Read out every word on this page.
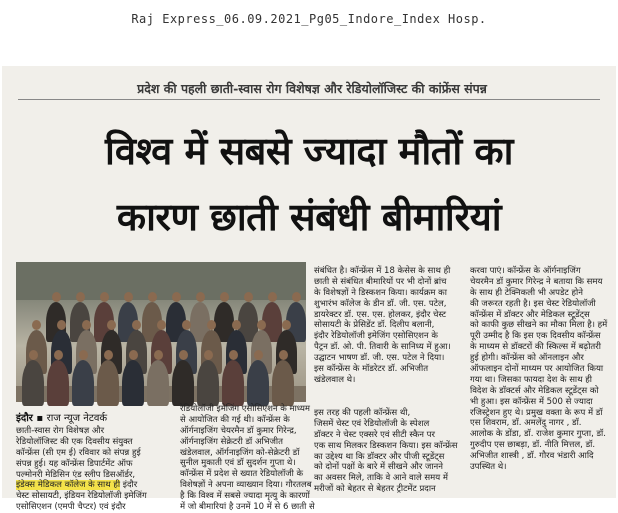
Raj Express_06.09.2021_Pg05_Indore_Index Hosp.
प्रदेश की पहली छाती-स्वास रोग विशेषज्ञ और रेडियोलॉजिस्ट की कांफ्रेंस संपन्न
विश्व में सबसे ज्यादा मौतों का
कारण छाती संबंधी बीमारियां
इंदौर ▪ राज न्यूज नेटवर्क
छाती-स्वास रोग विशेषज्ञ और
रेडियोलॉजिस्ट की एक दिवसीय संयुक्त
कॉन्फ्रेंस (सी एम ई) रविवार को संपन्न हुई
संपन्न हुई। यह कॉन्फ्रेंस डिपार्टमेंट ऑफ
पल्मोनरी मेडिसिन एंड स्लीप डिसऑर्डर,
इंडेक्स मेडिकल कॉलेज के साथ ही इंदौर
चेस्ट सोसायटी, इंडियन रेडियोलॉजी इमेजिंग
एसोसिएशन (एमपी चैप्टर) एवं इंदौर
संबंधित है। कॉन्फ्रेंस में 18 केसेस के साथ ही
छाती से संबंधित बीमारियों पर भी दोनों ब्रांच
के विशेषज्ञों ने डिस्कशन किया। कार्यक्रम का
शुभारंभ कॉलेज के डीन डॉ. जी. एस. पटेल,
डायरेक्टर डॉ. एस. एस. होलकर, इंदौर चेस्ट
सोसायटी के प्रेसिडेंट डॉ. दिलीप बलानी,
इंदौर रेडियोलॉजी इमेजिंग एसोसिएशन के
पैट्रन डॉ. ओ. पी. तिवारी के सानिध्य में हुआ।
उद्घाटन भाषण डॉ. जी. एस. पटेल ने दिया।
इस कॉन्फ्रेंस के मॉडरेटर डॉ. अभिजीत
खंडेलवाल थे।
इस तरह की पहली कॉन्फ्रेंस थी,
जिसमें चेस्ट एवं रेडियोलॉजी के स्पेशल
डॉक्टर ने चेस्ट एक्सरे एवं सीटी स्कैन पर
एक साथ मिलकर डिस्कशन किया। इस कॉन्फ्रेंस
का उद्देश्य था कि डॉक्टर और पीजी स्टूडेंट्स
को दोनों पक्षों के बारे में सीखने और जानने
का अवसर मिले, ताकि वे आने वाले समय में
मरीजों को बेहतर से बेहतर ट्रीटमेंट प्रदान
रेडियोलॉजी इमेजिंग एसोसिएशन के माध्यम
से आयोजित की गई थी। कॉन्फ्रेंस के
ऑर्गनाइजिंग चेयरमैन डॉ कुमार गिरेन्द्र,
ऑर्गनाइजिंग सेक्रेटरी डॉ अभिजीत
खंडेलवाल, ऑर्गनाइजिंग को-सेक्रेटरी डॉ
सुनील मुकाती एवं डॉ सुदर्शन गुप्ता थे।
कॉन्फ्रेंस में प्रदेश से ख्यात रेडियोलॉजी के
विशेषज्ञों ने अपना व्याख्यान दिया। गौरतलब
है कि विश्व में सबसे ज्यादा मृत्यु के कारणों
में जो बीमारियां है उनमें 10 में से 6 छाती से
करवा पाएं। कॉन्फ्रेंस के ऑर्गनाइजिंग
चेयरमैन डॉ कुमार गिरेन्द्र ने बताया कि समय
के साथ ही टेक्निकली भी अपडेट होने
की जरूरत रहती है। इस चेस्ट रेडियोलॉजी
कॉन्फ्रेंस में डॉक्टर और मेडिकल स्टूडेंट्स
को काफी कुछ सीखने का मौका मिला है। हमें
पूरी उम्मीद है कि इस एक दिवसीय कॉन्फ्रेंस
के माध्यम से डॉक्टरों की स्किल्स में बढ़ोतरी
हुई होगी। कॉन्फ्रेंस को ऑनलाइन और
ऑफलाइन दोनों माध्यम पर आयोजित किया
गया था। जिसका फायदा देश के साथ ही
विदेश के डॉक्टर्स और मेडिकल स्टूडेंट्स को
भी हुआ। इस कॉन्फ्रेंस में 500 से ज्यादा
रजिस्ट्रेशन हुए थे। प्रमुख वक्ता के रूप में डॉ
एस शिवराम, डॉ. अमलेंदु नागर , डॉ.
आलोक के डोंडा, डॉ. राजेश कुमार गुप्ता, डॉ.
गुरुदीप एस छाबड़ा, डॉ. नीति मित्तल, डॉ.
अभिजीत शास्त्री , डॉ. गौरव भंडारी आदि
उपस्थित थे।
